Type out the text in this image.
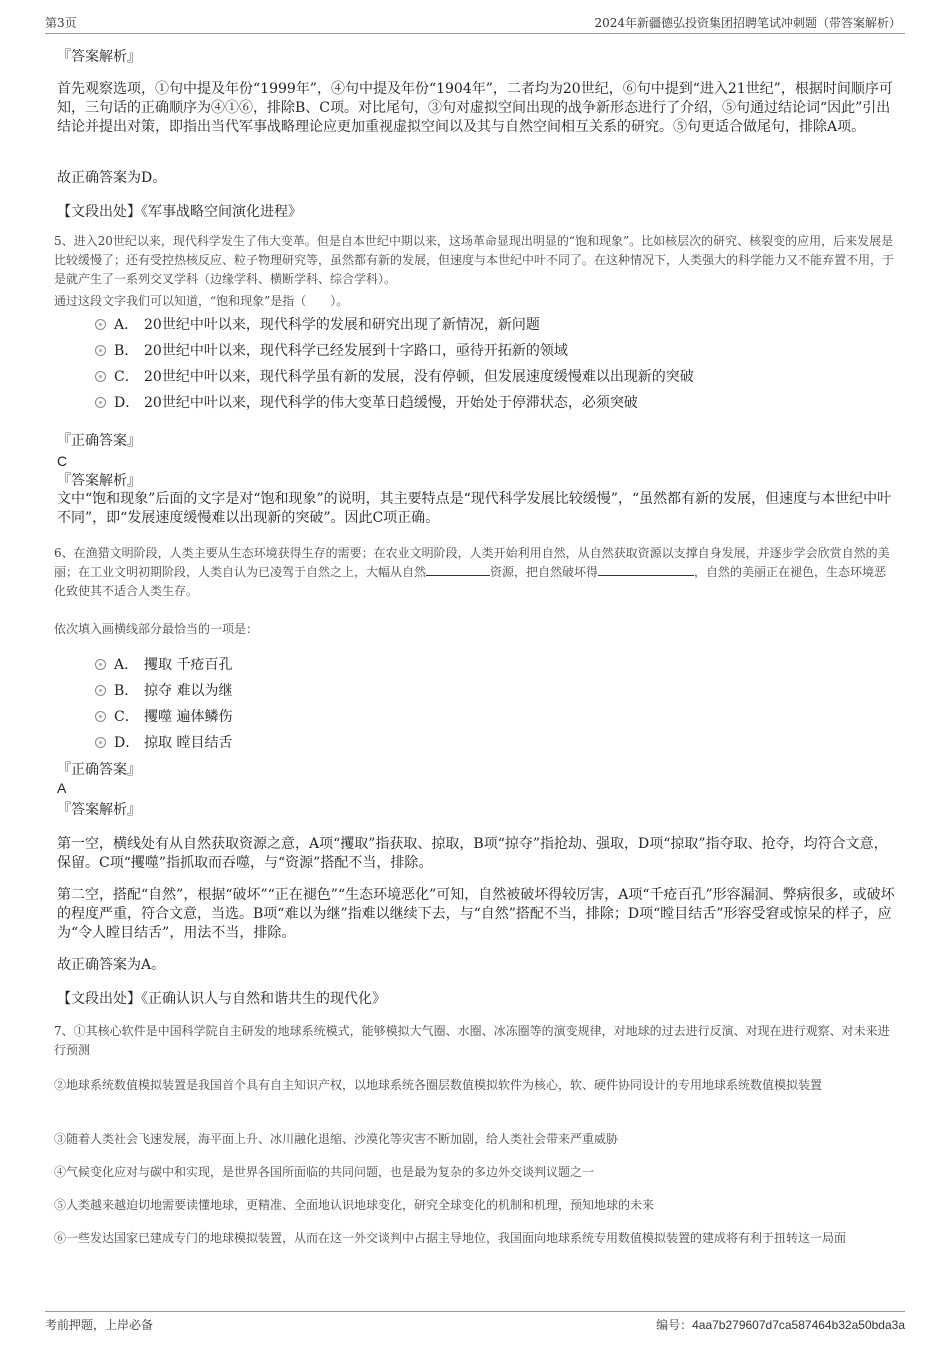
第3页	2024年新疆德弘投资集团招聘笔试冲刺题（带答案解析）
『答案解析』
首先观察选项，①句中提及年份“1999年”，④句中提及年份“1904年”，二者均为20世纪，⑥句中提到“进入21世纪”，根据时间顺序可知，三句话的正确顺序为④①⑥，排除B、C项。对比尾句，③句对虚拟空间出现的战争新形态进行了介绍，⑤句通过结论词“因此”引出结论并提出对策，即指出当代军事战略理论应更加重视虚拟空间以及其与自然空间相互关系的研究。⑤句更适合做尾句，排除A项。
故正确答案为D。
【文段出处】《军事战略空间演化进程》
5、进入20世纪以来，现代科学发生了伟大变革。但是自本世纪中期以来，这场革命显现出明显的“饱和现象”。比如核层次的研究、核裂变的应用，后来发展是比较缓慢了；还有受控热核反应、粒子物理研究等，虽然都有新的发展，但速度与本世纪中叶不同了。在这种情况下，人类强大的科学能力又不能弃置不用，于是就产生了一系列交叉学科（边缘学科、横断学科、综合学科）。
通过这段文字我们可以知道，“饱和现象”是指（　　）。
A． 20世纪中叶以来，现代科学的发展和研究出现了新情况，新问题
B． 20世纪中叶以来，现代科学已经发展到十字路口，亟待开拓新的领域
C． 20世纪中叶以来，现代科学虽有新的发展，没有停顿，但发展速度缓慢难以出现新的突破
D． 20世纪中叶以来，现代科学的伟大变革日趋缓慢，开始处于停滞状态，必须突破
『正确答案』
C
『答案解析』
文中“饱和现象”后面的文字是对“饱和现象”的说明，其主要特点是“现代科学发展比较缓慢”，“虽然都有新的发展，但速度与本世纪中叶不同”，即“发展速度缓慢难以出现新的突破”。因此C项正确。
6、在渔猎文明阶段，人类主要从生态环境获得生存的需要；在农业文明阶段，人类开始利用自然，从自然获取资源以支撑自身发展，并逐步学会欣赏自然的美丽；在工业文明初期阶段，人类自认为已凌驾于自然之上，大幅从自然	资源，把自然破坏得	，自然的美丽正在褪色，生态环境恶化致使其不适合人类生存。
依次填入画横线部分最恰当的一项是：
A． 攫取 千疮百孔
B． 掠夺 难以为继
C． 攫噬 遍体鳞伤
D． 掠取 瞠目结舌
『正确答案』
A
『答案解析』
第一空，横线处有从自然获取资源之意，A项“攫取”指获取、掠取，B项“掠夺”指抢劫、强取，D项“掠取”指夺取、抢夺，均符合文意，保留。C项“攫噬”指抓取而吞噬，与“资源”搭配不当，排除。
第二空，搭配“自然”，根据“破坏”“正在褪色”“生态环境恶化”可知，自然被破坏得较厉害，A项“千疮百孔”形容漏洞、弊病很多，或破坏的程度严重，符合文意，当选。B项“难以为继”指难以继续下去，与“自然”搭配不当，排除；D项“瞠目结舌”形容受窘或惊呆的样子，应为“令人瞠目结舌”，用法不当，排除。
故正确答案为A。
【文段出处】《正确认识人与自然和谐共生的现代化》
7、①其核心软件是中国科学院自主研发的地球系统模式，能够模拟大气圈、水圈、冰冻圈等的演变规律，对地球的过去进行反演、对现在进行观察、对未来进行预测
②地球系统数值模拟装置是我国首个具有自主知识产权，以地球系统各圈层数值模拟软件为核心，软、硬件协同设计的专用地球系统数值模拟装置
③随着人类社会飞速发展，海平面上升、冰川融化退缩、沙漠化等灾害不断加剧，给人类社会带来严重威胁
④气候变化应对与碳中和实现，是世界各国所面临的共同问题，也是最为复杂的多边外交谈判议题之一
⑤人类越来越迫切地需要读懂地球，更精准、全面地认识地球变化，研究全球变化的机制和机理，预知地球的未来
⑥一些发达国家已建成专门的地球模拟装置，从而在这一外交谈判中占据主导地位，我国面向地球系统专用数值模拟装置的建成将有利于扭转这一局面
考前押题，上岸必备	编号：4aa7b279607d7ca587464b32a50bda3a
